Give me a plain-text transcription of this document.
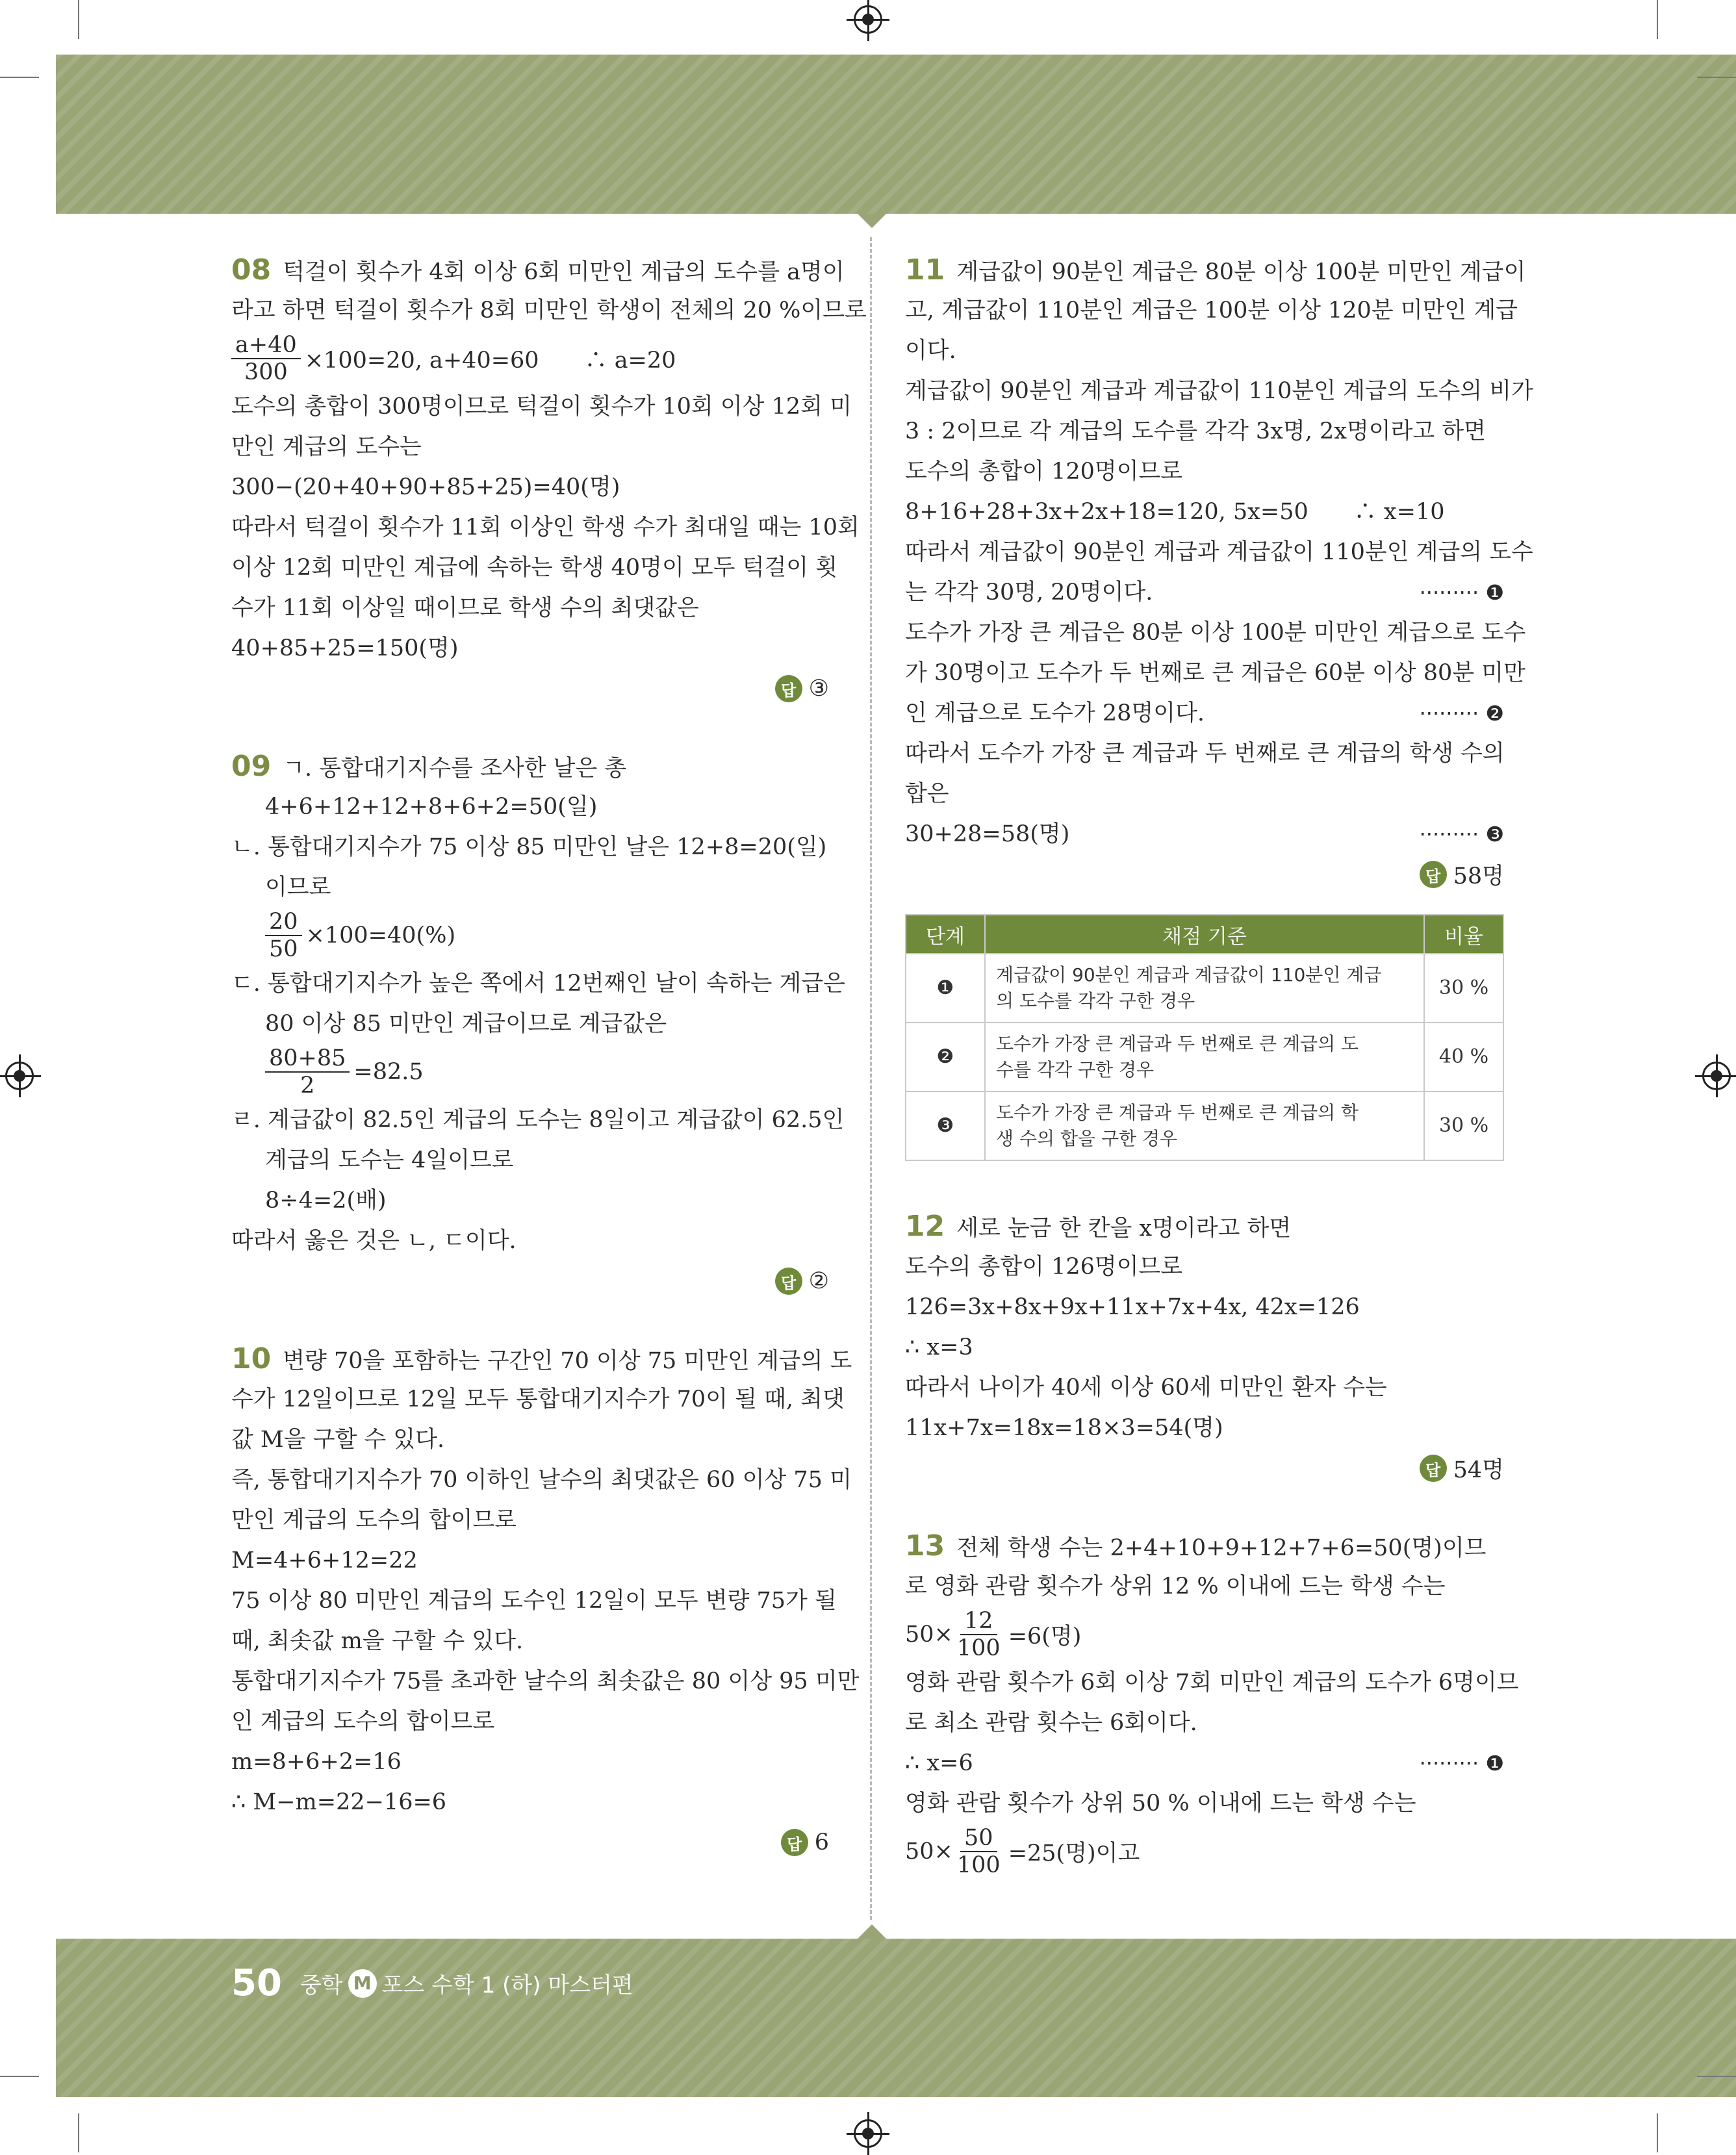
08 턱걸이 횟수가 4회 이상 6회 미만인 계급의 도수를 a명이
라고 하면 턱걸이 횟수가 8회 미만인 학생이 전체의 20 %이므로
$\frac{a+40}{300} \times 100=20$, a+40=60　　∴ a=20
도수의 총합이 300명이므로 턱걸이 횟수가 10회 이상 12회 미
만인 계급의 도수는
300−(20+40+90+85+25)=40(명)
따라서 턱걸이 횟수가 11회 이상인 학생 수가 최대일 때는 10회
이상 12회 미만인 계급에 속하는 학생 40명이 모두 턱걸이 횟
수가 11회 이상일 때이므로 학생 수의 최댓값은
40+85+25=150(명)
답 ③
09 ㄱ. 통합대기지수를 조사한 날은 총
4+6+12+12+8+6+2=50(일)
ㄴ. 통합대기지수가 75 이상 85 미만인 날은 12+8=20(일)
이므로
$\frac{20}{50} \times 100=40(\%)$
ㄷ. 통합대기지수가 높은 쪽에서 12번째인 날이 속하는 계급은
80 이상 85 미만인 계급이므로 계급값은
$\frac{80+85}{2} =82.5$
ㄹ. 계급값이 82.5인 계급의 도수는 8일이고 계급값이 62.5인
계급의 도수는 4일이므로
8÷4=2(배)
따라서 옳은 것은 ㄴ, ㄷ이다.
답 ②
10 변량 70을 포함하는 구간인 70 이상 75 미만인 계급의 도
수가 12일이므로 12일 모두 통합대기지수가 70이 될 때, 최댓
값 M을 구할 수 있다.
즉, 통합대기지수가 70 이하인 날수의 최댓값은 60 이상 75 미
만인 계급의 도수의 합이므로
M=4+6+12=22
75 이상 80 미만인 계급의 도수인 12일이 모두 변량 75가 될
때, 최솟값 m을 구할 수 있다.
통합대기지수가 75를 초과한 날수의 최솟값은 80 이상 95 미만
인 계급의 도수의 합이므로
m=8+6+2=16
∴ M−m=22−16=6
답 6
11 계급값이 90분인 계급은 80분 이상 100분 미만인 계급이
고, 계급값이 110분인 계급은 100분 이상 120분 미만인 계급
이다.
계급값이 90분인 계급과 계급값이 110분인 계급의 도수의 비가
3 : 2이므로 각 계급의 도수를 각각 3x명, 2x명이라고 하면
도수의 총합이 120명이므로
8+16+28+3x+2x+18=120, 5x=50　　∴ x=10
따라서 계급값이 90분인 계급과 계급값이 110분인 계급의 도수
는 각각 30명, 20명이다.	········· ❶
도수가 가장 큰 계급은 80분 이상 100분 미만인 계급으로 도수
가 30명이고 도수가 두 번째로 큰 계급은 60분 이상 80분 미만
인 계급으로 도수가 28명이다.	········· ❷
따라서 도수가 가장 큰 계급과 두 번째로 큰 계급의 학생 수의
합은
30+28=58(명)	········· ❸
답 58명
단계	채점 기준	비율
❶	계급값이 90분인 계급과 계급값이 110분인 계급
의 도수를 각각 구한 경우	30 %
❷	도수가 가장 큰 계급과 두 번째로 큰 계급의 도
수를 각각 구한 경우	40 %
❸	도수가 가장 큰 계급과 두 번째로 큰 계급의 학
생 수의 합을 구한 경우	30 %
12 세로 눈금 한 칸을 x명이라고 하면
도수의 총합이 126명이므로
126=3x+8x+9x+11x+7x+4x, 42x=126
∴ x=3
따라서 나이가 40세 이상 60세 미만인 환자 수는
11x+7x=18x=18×3=54(명)
답 54명
13 전체 학생 수는 2+4+10+9+12+7+6=50(명)이므
로 영화 관람 횟수가 상위 12 % 이내에 드는 학생 수는
$50\times \frac{12}{100} =6$(명)
영화 관람 횟수가 6회 이상 7회 미만인 계급의 도수가 6명이므
로 최소 관람 횟수는 6회이다.
∴ x=6	········· ❶
영화 관람 횟수가 상위 50 % 이내에 드는 학생 수는
$50\times \frac{50}{100} =25$(명)이고
50 중학 M 포스 수학 1 (하) 마스터편
